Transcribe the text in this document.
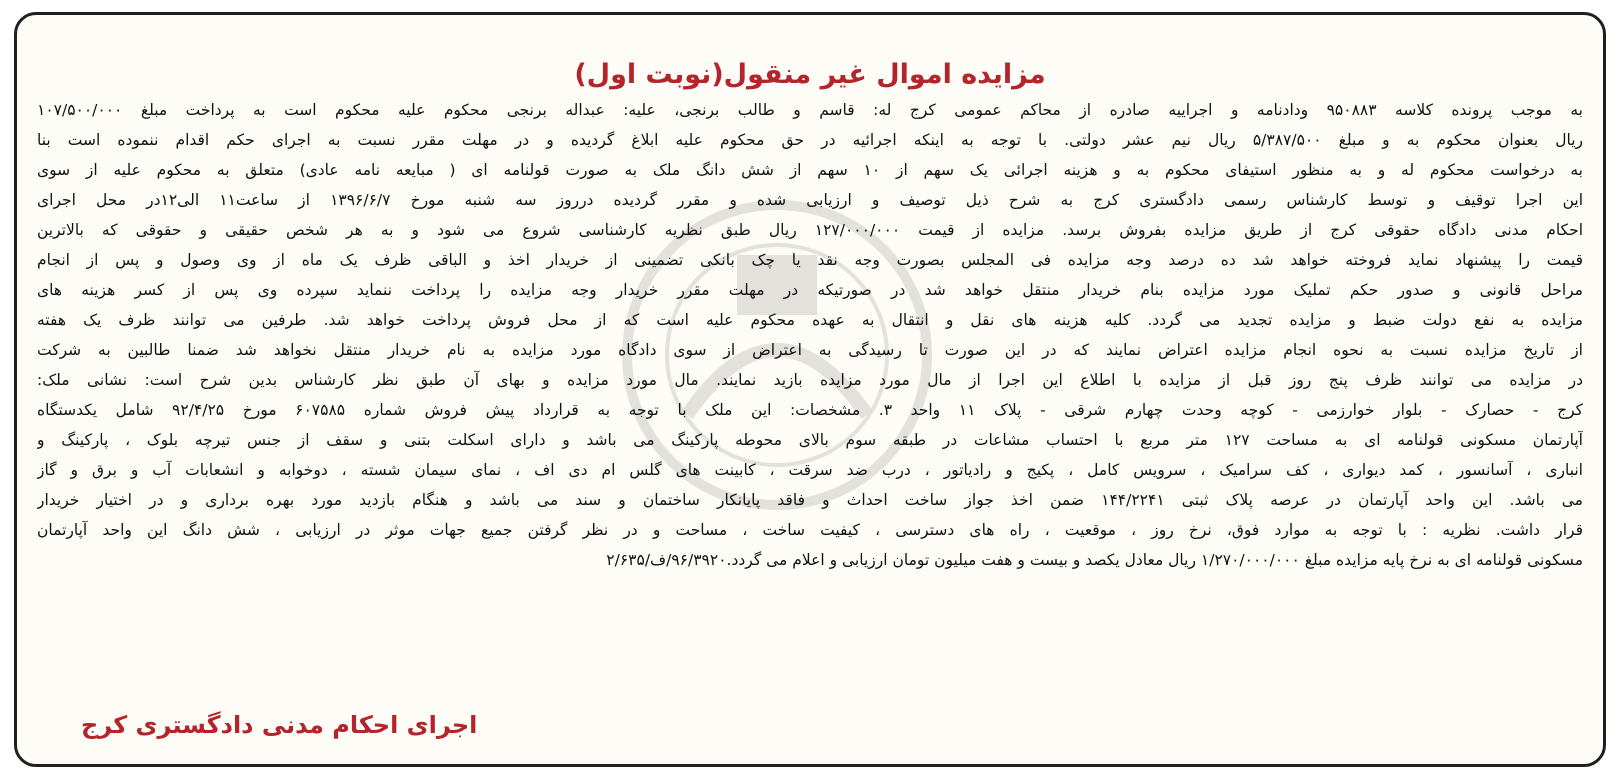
مزایده اموال غیر منقول(نوبت اول)
به موجب پرونده کلاسه ۹۵۰۸۸۳ ودادنامه و اجراییه صادره از محاکم عمومی کرج له: قاسم و طالب برنجی، علیه: عبداله برنجی محکوم علیه محکوم است به پرداخت مبلغ ۱۰۷/۵۰۰/۰۰۰
ریال بعنوان محکوم به و مبلغ ۵/۳۸۷/۵۰۰ ریال نیم عشر دولتی. با توجه به اینکه اجرائیه در حق محکوم علیه ابلاغ گردیده و در مهلت مقرر نسبت به اجرای حکم اقدام ننموده است بنا
به درخواست محکوم له و به منظور استیفای محکوم به و هزینه اجرائی یک سهم از ۱۰ سهم از شش دانگ ملک به صورت قولنامه ای ( مبایعه نامه عادی) متعلق به محکوم علیه از سوی
این اجرا توقیف و توسط کارشناس رسمی دادگستری کرج به شرح ذیل توصیف و ارزیابی شده و مقرر گردیده درروز سه شنبه مورخ ۱۳۹۶/۶/۷ از ساعت۱۱ الی۱۲در محل اجرای
احکام مدنی دادگاه حقوقی کرج از طریق مزایده بفروش برسد. مزایده از قیمت ۱۲۷/۰۰۰/۰۰۰ ریال طبق نظریه کارشناسی شروع می شود و به هر شخص حقیقی و حقوقی که بالاترین
قیمت را پیشنهاد نماید فروخته خواهد شد ده درصد وجه مزایده فی المجلس بصورت وجه نقد یا چک بانکی تضمینی از خریدار اخذ و الباقی ظرف یک ماه از وی وصول و پس از انجام
مراحل قانونی و صدور حکم تملیک مورد مزایده بنام خریدار منتقل خواهد شد در صورتیکه در مهلت مقرر خریدار وجه مزایده را پرداخت ننماید سپرده وی پس از کسر هزینه های
مزایده به نفع دولت ضبط و مزایده تجدید می گردد. کلیه هزینه های نقل و انتقال به عهده محکوم علیه است که از محل فروش پرداخت خواهد شد. طرفین می توانند ظرف یک هفته
از تاریخ مزایده نسبت به نحوه انجام مزایده اعتراض نمایند که در این صورت تا رسیدگی به اعتراض از سوی دادگاه مورد مزایده به نام خریدار منتقل نخواهد شد ضمنا طالبین به شرکت
در مزایده می توانند ظرف پنج روز قبل از مزایده با اطلاع این اجرا از مال مورد مزایده بازید نمایند. مال مورد مزایده و بهای آن طبق نظر کارشناس بدین شرح است: نشانی ملک:
کرج - حصارک - بلوار خوارزمی - کوچه وحدت چهارم شرقی - پلاک ۱۱ واحد ۳. مشخصات: این ملک با توجه به قرارداد پیش فروش شماره ۶۰۷۵۸۵ مورخ ۹۲/۴/۲۵ شامل یکدستگاه
آپارتمان مسکونی قولنامه ای به مساحت ۱۲۷ متر مربع با احتساب مشاعات در طبقه سوم بالای محوطه پارکینگ می باشد و دارای اسکلت بتنی و سقف از جنس تیرچه بلوک ، پارکینگ و
انباری ، آسانسور ، کمد دیواری ، کف سرامیک ، سرویس کامل ، پکیج و رادیاتور ، درب ضد سرقت ، کابینت های گلس ام دی اف ، نمای سیمان شسته ، دوخوابه و انشعابات آب و برق و گاز
می باشد. این واحد آپارتمان در عرصه پلاک ثبتی ۱۴۴/۲۲۴۱ ضمن اخذ جواز ساخت احداث و فاقد پایانکار ساختمان و سند می باشد و هنگام بازدید مورد بهره برداری و در اختیار خریدار
قرار داشت. نظریه : با توجه به موارد فوق، نرخ روز ، موقعیت ، راه های دسترسی ، کیفیت ساخت ، مساحت و در نظر گرفتن جمیع جهات موثر در ارزیابی ، شش دانگ این واحد آپارتمان
مسکونی قولنامه ای به نرخ پایه مزایده مبلغ ۱/۲۷۰/۰۰۰/۰۰۰ ریال معادل یکصد و بیست و هفت میلیون تومان ارزیابی و اعلام می گردد.۹۶/۳۹۲۰/ف/۲/۶۳۵
اجرای احکام مدنی دادگستری کرج
